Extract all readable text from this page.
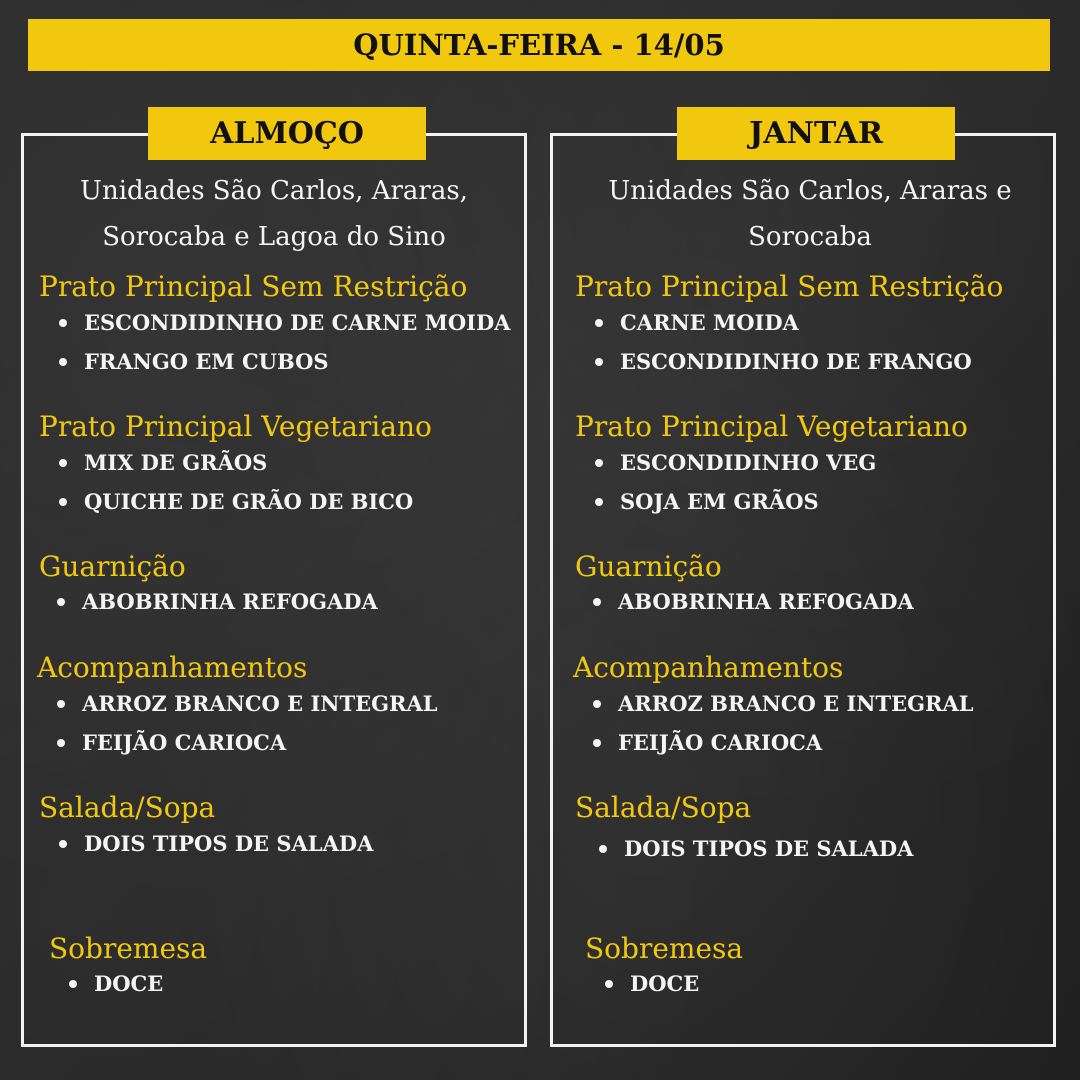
QUINTA-FEIRA - 14/05
ALMOÇO	JANTAR
Unidades São Carlos, Araras,
Sorocaba e Lagoa do Sino
Unidades São Carlos, Araras e
Sorocaba
Prato Principal Sem Restrição
ESCONDIDINHO DE CARNE MOIDA
FRANGO EM CUBOS
Prato Principal Vegetariano
MIX DE GRÃOS
QUICHE DE GRÃO DE BICO
Guarnição
ABOBRINHA REFOGADA
Acompanhamentos
ARROZ BRANCO E INTEGRAL
FEIJÃO CARIOCA
Salada/Sopa
DOIS TIPOS DE SALADA
Sobremesa
DOCE
Prato Principal Sem Restrição
CARNE MOIDA
ESCONDIDINHO DE FRANGO
Prato Principal Vegetariano
ESCONDIDINHO VEG
SOJA EM GRÃOS
Guarnição
ABOBRINHA REFOGADA
Acompanhamentos
ARROZ BRANCO E INTEGRAL
FEIJÃO CARIOCA
Salada/Sopa
DOIS TIPOS DE SALADA
Sobremesa
DOCE
